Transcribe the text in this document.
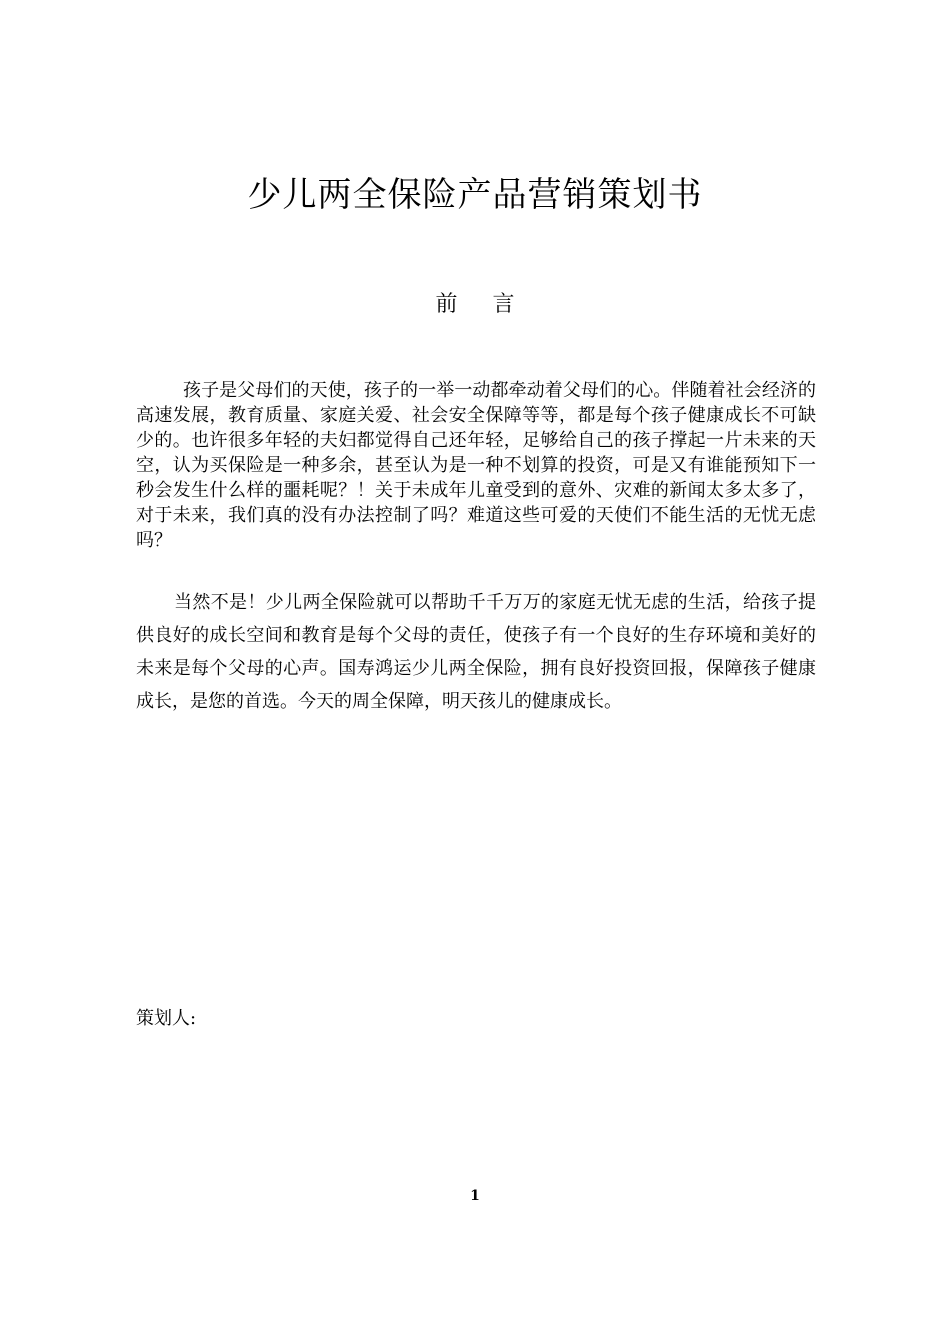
少儿两全保险产品营销策划书
前 言

孩子是父母们的天使，孩子的一举一动都牵动着父母们的心。伴随着社会经济的高速发展，教育质量、家庭关爱、社会安全保障等等，都是每个孩子健康成长不可缺少的。也许很多年轻的夫妇都觉得自己还年轻，足够给自己的孩子撑起一片未来的天空，认为买保险是一种多余，甚至认为是一种不划算的投资，可是又有谁能预知下一秒会发生什么样的噩耗呢？！关于未成年儿童受到的意外、灾难的新闻太多太多了，对于未来，我们真的没有办法控制了吗？难道这些可爱的天使们不能生活的无忧无虑吗？

当然不是！少儿两全保险就可以帮助千千万万的家庭无忧无虑的生活，给孩子提供良好的成长空间和教育是每个父母的责任，使孩子有一个良好的生存环境和美好的未来是每个父母的心声。国寿鸿运少儿两全保险，拥有良好投资回报，保障孩子健康成长，是您的首选。今天的周全保障，明天孩儿的健康成长。

策划人:
1
